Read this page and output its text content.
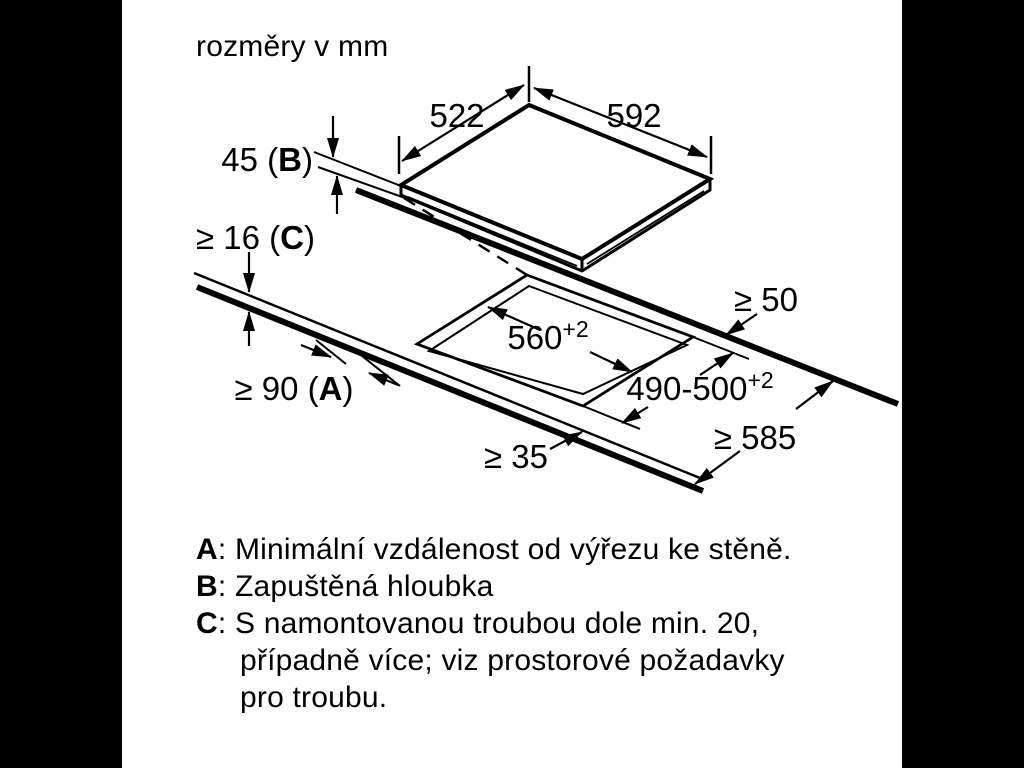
rozměry v mm
522	592
45 (B)
≥ 16 (C)
≥ 50
$560^{+2}$
$490-500^{+2}$
≥ 90 (A)
≥ 35
≥ 585
A: Minimální vzdálenost od výřezu ke stěně.
B: Zapuštěná hloubka
C: S namontovanou troubou dole min. 20,
případně více; viz prostorové požadavky
pro troubu.
